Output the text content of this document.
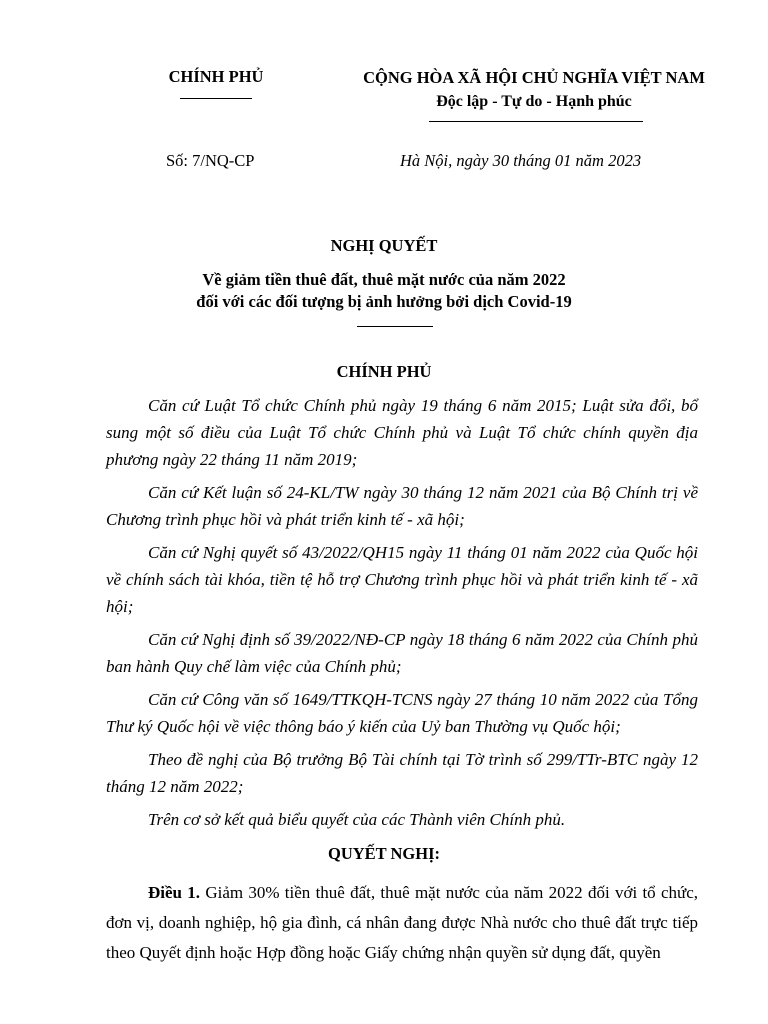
CHÍNH PHỦ	CỘNG HÒA XÃ HỘI CHỦ NGHĨA VIỆT NAM
Độc lập - Tự do - Hạnh phúc
Số: 7/NQ-CP	Hà Nội, ngày 30 tháng 01 năm 2023
NGHỊ QUYẾT
Về giảm tiền thuê đất, thuê mặt nước của năm 2022
đối với các đối tượng bị ảnh hưởng bởi dịch Covid-19
CHÍNH PHỦ

Căn cứ Luật Tổ chức Chính phủ ngày 19 tháng 6 năm 2015; Luật sửa đổi, bổ sung một số điều của Luật Tổ chức Chính phủ và Luật Tổ chức chính quyền địa phương ngày 22 tháng 11 năm 2019;

Căn cứ Kết luận số 24-KL/TW ngày 30 tháng 12 năm 2021 của Bộ Chính trị về Chương trình phục hồi và phát triển kinh tế - xã hội;

Căn cứ Nghị quyết số 43/2022/QH15 ngày 11 tháng 01 năm 2022 của Quốc hội về chính sách tài khóa, tiền tệ hỗ trợ Chương trình phục hồi và phát triển kinh tế - xã hội;

Căn cứ Nghị định số 39/2022/NĐ-CP ngày 18 tháng 6 năm 2022 của Chính phủ ban hành Quy chế làm việc của Chính phủ;

Căn cứ Công văn số 1649/TTKQH-TCNS ngày 27 tháng 10 năm 2022 của Tổng Thư ký Quốc hội về việc thông báo ý kiến của Uỷ ban Thường vụ Quốc hội;

Theo đề nghị của Bộ trưởng Bộ Tài chính tại Tờ trình số 299/TTr-BTC ngày 12 tháng 12 năm 2022;

Trên cơ sở kết quả biểu quyết của các Thành viên Chính phủ.

QUYẾT NGHỊ:

Điều 1. Giảm 30% tiền thuê đất, thuê mặt nước của năm 2022 đối với tổ chức, đơn vị, doanh nghiệp, hộ gia đình, cá nhân đang được Nhà nước cho thuê đất trực tiếp theo Quyết định hoặc Hợp đồng hoặc Giấy chứng nhận quyền sử dụng đất, quyền
